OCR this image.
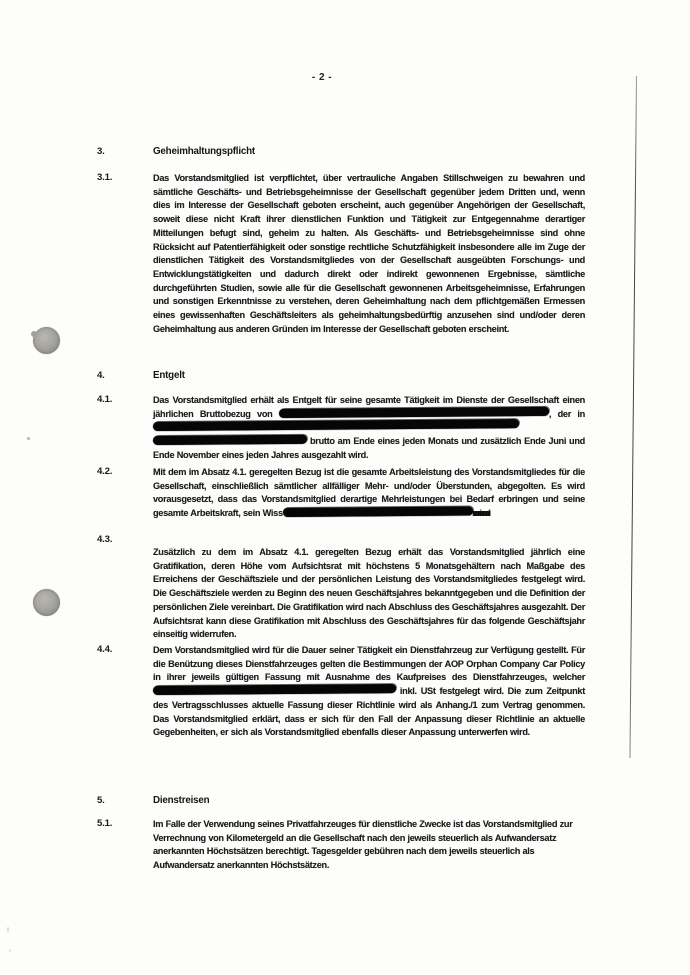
- 2 -
3.	Geheimhaltungspflicht
3.1.	Das Vorstandsmitglied ist verpflichtet, über vertrauliche Angaben Stillschweigen zu bewahren und sämtliche Geschäfts- und Betriebsgeheimnisse der Gesellschaft gegenüber jedem Dritten und, wenn dies im Interesse der Gesellschaft geboten erscheint, auch gegenüber Angehörigen der Gesellschaft, soweit diese nicht Kraft ihrer dienstlichen Funktion und Tätigkeit zur Entgegennahme derartiger Mitteilungen befugt sind, geheim zu halten. Als Geschäfts- und Betriebsgeheimnisse sind ohne Rücksicht auf Patentierfähigkeit oder sonstige rechtliche Schutzfähigkeit insbesondere alle im Zuge der dienstlichen Tätigkeit des Vorstandsmitgliedes von der Gesellschaft ausgeübten Forschungs- und Entwicklungstätigkeiten und dadurch direkt oder indirekt gewonnenen Ergebnisse, sämtliche durchgeführten Studien, sowie alle für die Gesellschaft gewonnenen Arbeitsgeheimnisse, Erfahrungen und sonstigen Erkenntnisse zu verstehen, deren Geheimhaltung nach dem pflichtgemäßen Ermessen eines gewissenhaften Geschäftsleiters als geheimhaltungsbedürftig anzusehen sind und/oder deren Geheimhaltung aus anderen Gründen im Interesse der Gesellschaft geboten erscheint.
4.	Entgelt
4.1.	Das Vorstandsmitglied erhält als Entgelt für seine gesamte Tätigkeit im Dienste der Gesellschaft einen jährlichen Bruttobezug von	, der in   brutto am Ende eines jeden Monats und zusätzlich Ende Juni und Ende November eines jeden Jahres ausgezahlt wird.
4.2.	Mit dem im Absatz 4.1. geregelten Bezug ist die gesamte Arbeitsleistung des Vorstandsmitgliedes für die Gesellschaft, einschließlich sämtlicher allfälliger Mehr- und/oder Überstunden, abgegolten. Es wird vorausgesetzt, dass das Vorstandsmitglied derartige Mehrleistungen bei Bedarf erbringen und seine gesamte Arbeitskraft, sein Wiss	wird
4.3.
Zusätzlich zu dem im Absatz 4.1. geregelten Bezug erhält das Vorstandsmitglied jährlich eine Gratifikation, deren Höhe vom Aufsichtsrat mit höchstens 5 Monatsgehältern nach Maßgabe des Erreichens der Geschäftsziele und der persönlichen Leistung des Vorstandsmitgliedes festgelegt wird. Die Geschäftsziele werden zu Beginn des neuen Geschäftsjahres bekanntgegeben und die Definition der persönlichen Ziele vereinbart. Die Gratifikation wird nach Abschluss des Geschäftsjahres ausgezahlt. Der Aufsichtsrat kann diese Gratifikation mit Abschluss des Geschäftsjahres für das folgende Geschäftsjahr einseitig widerrufen.
4.4.	Dem Vorstandsmitglied wird für die Dauer seiner Tätigkeit ein Dienstfahrzeug zur Verfügung gestellt. Für die Benützung dieses Dienstfahrzeuges gelten die Bestimmungen der AOP Orphan Company Car Policy in ihrer jeweils gültigen Fassung mit Ausnahme des Kaufpreises des Dienstfahrzeuges, welcher  inkl. USt festgelegt wird. Die zum Zeitpunkt des Vertragsschlusses aktuelle Fassung dieser Richtlinie wird als Anhang./1 zum Vertrag genommen. Das Vorstandsmitglied erklärt, dass er sich für den Fall der Anpassung dieser Richtlinie an aktuelle Gegebenheiten, er sich als Vorstandsmitglied ebenfalls dieser Anpassung unterwerfen wird.
5.	Dienstreisen
5.1.	Im Falle der Verwendung seines Privatfahrzeuges für dienstliche Zwecke ist das Vorstandsmitglied zur Verrechnung von Kilometergeld an die Gesellschaft nach den jeweils steuerlich als Aufwandersatz anerkannten Höchstsätzen berechtigt. Tagesgelder gebühren nach dem jeweils steuerlich als Aufwandersatz anerkannten Höchstsätzen.
